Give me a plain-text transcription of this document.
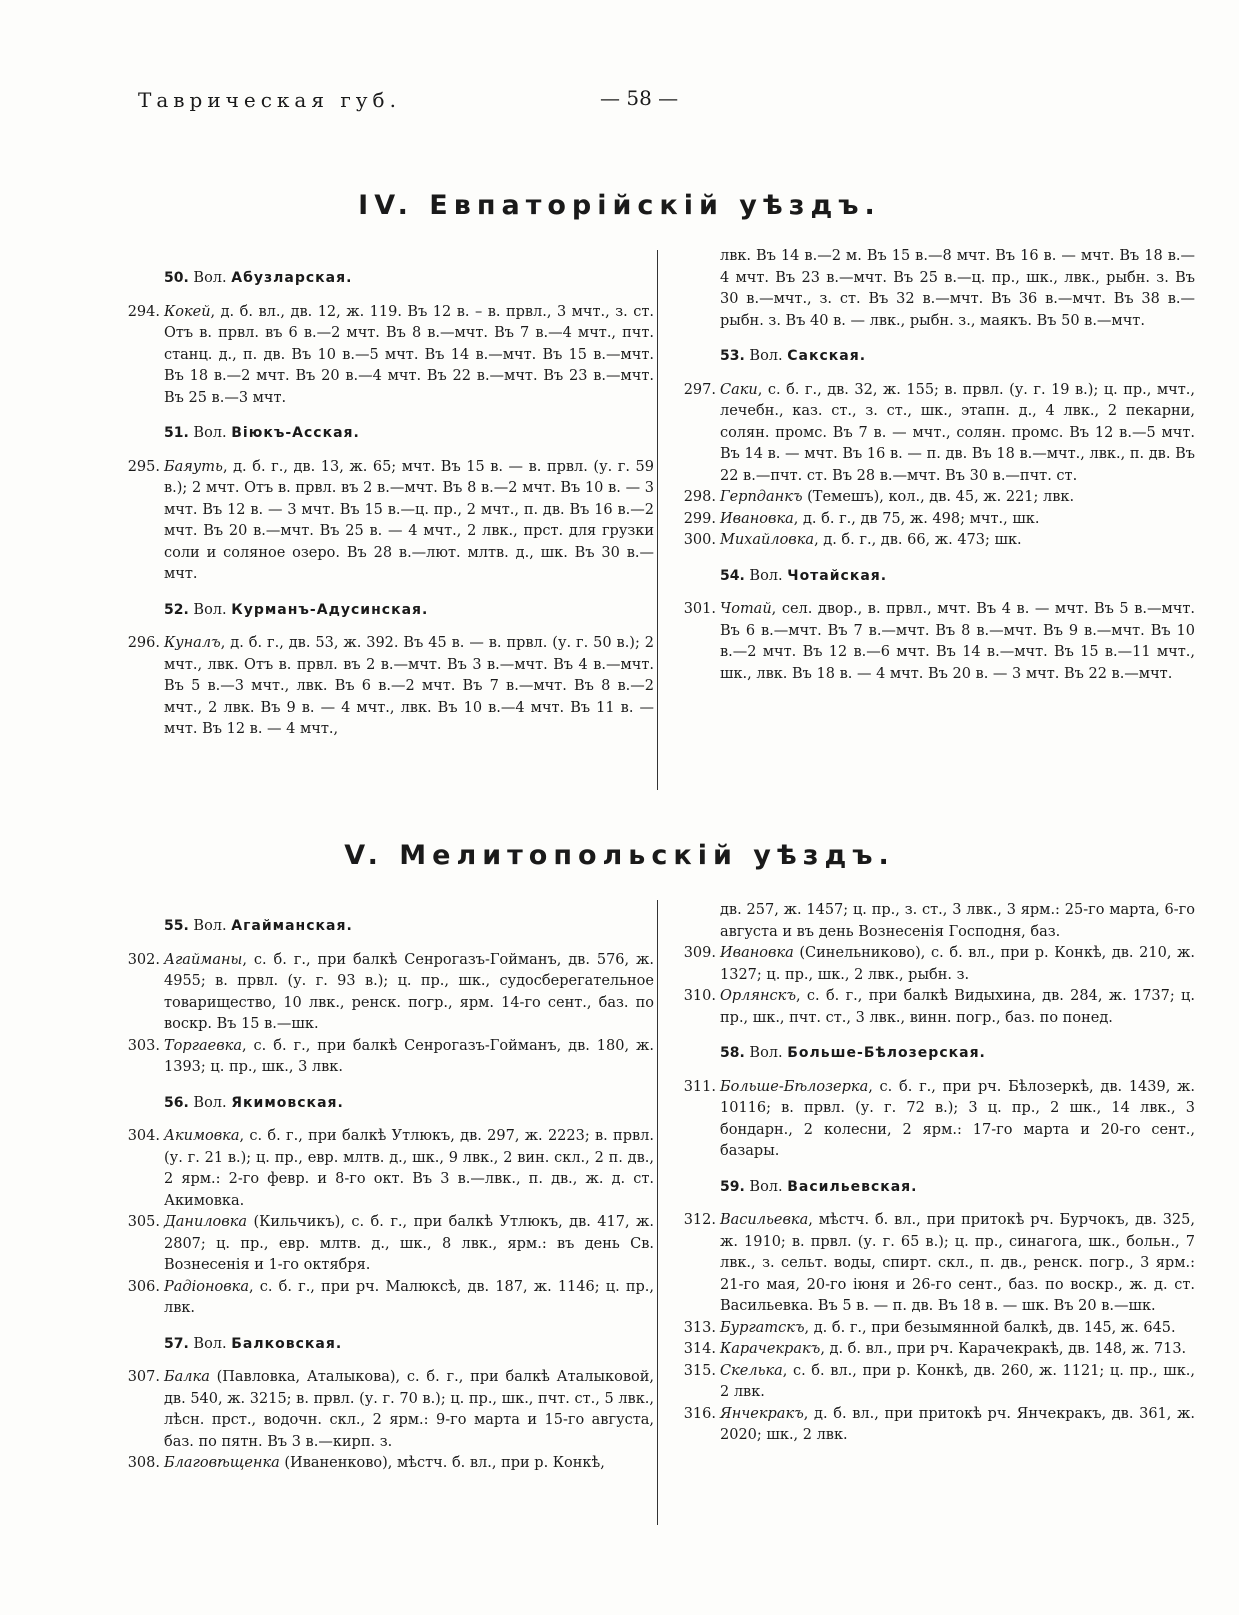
Таврическая губ.	— 58 —
IV. Евпаторійскій уѣздъ.
50. Вол. Абузларская.
294. Кокей, д. б. вл., дв. 12, ж. 119. Въ 12 в. – в. првл., 3 мчт., з. ст. Отъ в. првл. въ 6 в.—2 мчт. Въ 8 в.—мчт. Въ 7 в.—4 мчт., пчт. станц. д., п. дв. Въ 10 в.—5 мчт. Въ 14 в.—мчт. Въ 15 в.—мчт. Въ 18 в.—2 мчт. Въ 20 в.—4 мчт. Въ 22 в.—мчт. Въ 23 в.—мчт. Въ 25 в.—3 мчт.
51. Вол. Віюкъ-Асская.
295. Баяуть, д. б. г., дв. 13, ж. 65; мчт. Въ 15 в. — в. првл. (у. г. 59 в.); 2 мчт. Отъ в. првл. въ 2 в.—мчт. Въ 8 в.—2 мчт. Въ 10 в. — 3 мчт. Въ 12 в. — 3 мчт. Въ 15 в.—ц. пр., 2 мчт., п. дв. Въ 16 в.—2 мчт. Въ 20 в.—мчт. Въ 25 в. — 4 мчт., 2 лвк., прст. для грузки соли и соляное озеро. Въ 28 в.—лют. млтв. д., шк. Въ 30 в.—мчт.
52. Вол. Курманъ-Адусинская.
296. Куналъ, д. б. г., дв. 53, ж. 392. Въ 45 в. — в. првл. (у. г. 50 в.); 2 мчт., лвк. Отъ в. првл. въ 2 в.—мчт. Въ 3 в.—мчт. Въ 4 в.—мчт. Въ 5 в.—3 мчт., лвк. Въ 6 в.—2 мчт. Въ 7 в.—мчт. Въ 8 в.—2 мчт., 2 лвк. Въ 9 в. — 4 мчт., лвк. Въ 10 в.—4 мчт. Въ 11 в. — мчт. Въ 12 в. — 4 мчт.,
лвк. Въ 14 в.—2 м. Въ 15 в.—8 мчт. Въ 16 в. — мчт. Въ 18 в.—4 мчт. Въ 23 в.—мчт. Въ 25 в.—ц. пр., шк., лвк., рыбн. з. Въ 30 в.—мчт., з. ст. Въ 32 в.—мчт. Въ 36 в.—мчт. Въ 38 в.—рыбн. з. Въ 40 в. — лвк., рыбн. з., маякъ. Въ 50 в.—мчт.
53. Вол. Сакская.
297. Саки, с. б. г., дв. 32, ж. 155; в. првл. (у. г. 19 в.); ц. пр., мчт., лечебн., каз. ст., з. ст., шк., этапн. д., 4 лвк., 2 пекарни, солян. промс. Въ 7 в. — мчт., солян. промс. Въ 12 в.—5 мчт. Въ 14 в. — мчт. Въ 16 в. — п. дв. Въ 18 в.—мчт., лвк., п. дв. Въ 22 в.—пчт. ст. Въ 28 в.—мчт. Въ 30 в.—пчт. ст.
298. Герпданкъ (Темешъ), кол., дв. 45, ж. 221; лвк.
299. Ивановка, д. б. г., дв 75, ж. 498; мчт., шк.
300. Михайловка, д. б. г., дв. 66, ж. 473; шк.
54. Вол. Чотайская.
301. Чотай, сел. двор., в. првл., мчт. Въ 4 в. — мчт. Въ 5 в.—мчт. Въ 6 в.—мчт. Въ 7 в.—мчт. Въ 8 в.—мчт. Въ 9 в.—мчт. Въ 10 в.—2 мчт. Въ 12 в.—6 мчт. Въ 14 в.—мчт. Въ 15 в.—11 мчт., шк., лвк. Въ 18 в. — 4 мчт. Въ 20 в. — 3 мчт. Въ 22 в.—мчт.
V. Мелитопольскій уѣздъ.
55. Вол. Агайманская.
302. Агайманы, с. б. г., при балкѣ Сенрогазъ-Гойманъ, дв. 576, ж. 4955; в. првл. (у. г. 93 в.); ц. пр., шк., судосберегательное товарищество, 10 лвк., ренск. погр., ярм. 14-го сент., баз. по воскр. Въ 15 в.—шк.
303. Торгаевка, с. б. г., при балкѣ Сенрогазъ-Гойманъ, дв. 180, ж. 1393; ц. пр., шк., 3 лвк.
56. Вол. Якимовская.
304. Акимовка, с. б. г., при балкѣ Утлюкъ, дв. 297, ж. 2223; в. првл. (у. г. 21 в.); ц. пр., евр. млтв. д., шк., 9 лвк., 2 вин. скл., 2 п. дв., 2 ярм.: 2-го февр. и 8-го окт. Въ 3 в.—лвк., п. дв., ж. д. ст. Акимовка.
305. Даниловка (Кильчикъ), с. б. г., при балкѣ Утлюкъ, дв. 417, ж. 2807; ц. пр., евр. млтв. д., шк., 8 лвк., ярм.: въ день Св. Вознесенія и 1-го октября.
306. Радіоновка, с. б. г., при рч. Малюксѣ, дв. 187, ж. 1146; ц. пр., лвк.
57. Вол. Балковская.
307. Балка (Павловка, Аталыкова), с. б. г., при балкѣ Аталыковой, дв. 540, ж. 3215; в. првл. (у. г. 70 в.); ц. пр., шк., пчт. ст., 5 лвк., лѣсн. прст., водочн. скл., 2 ярм.: 9-го марта и 15-го августа, баз. по пятн. Въ 3 в.—кирп. з.
308. Благовѣщенка (Иваненково), мѣстч. б. вл., при р. Конкѣ,
дв. 257, ж. 1457; ц. пр., з. ст., 3 лвк., 3 ярм.: 25-го марта, 6-го августа и въ день Вознесенія Господня, баз.
309. Ивановка (Синельниково), с. б. вл., при р. Конкѣ, дв. 210, ж. 1327; ц. пр., шк., 2 лвк., рыбн. з.
310. Орлянскъ, с. б. г., при балкѣ Видыхина, дв. 284, ж. 1737; ц. пр., шк., пчт. ст., 3 лвк., винн. погр., баз. по понед.
58. Вол. Больше-Бѣлозерская.
311. Больше-Бѣлозерка, с. б. г., при рч. Бѣлозеркѣ, дв. 1439, ж. 10116; в. првл. (у. г. 72 в.); 3 ц. пр., 2 шк., 14 лвк., 3 бондарн., 2 колесни, 2 ярм.: 17-го марта и 20-го сент., базары.
59. Вол. Васильевская.
312. Васильевка, мѣстч. б. вл., при притокѣ рч. Бурчокъ, дв. 325, ж. 1910; в. првл. (у. г. 65 в.); ц. пр., синагога, шк., больн., 7 лвк., з. сельт. воды, спирт. скл., п. дв., ренск. погр., 3 ярм.: 21-го мая, 20-го іюня и 26-го сент., баз. по воскр., ж. д. ст. Васильевка. Въ 5 в. — п. дв. Въ 18 в. — шк. Въ 20 в.—шк.
313. Бургатскъ, д. б. г., при безымянной балкѣ, дв. 145, ж. 645.
314. Карачекракъ, д. б. вл., при рч. Карачекракѣ, дв. 148, ж. 713.
315. Скелька, с. б. вл., при р. Конкѣ, дв. 260, ж. 1121; ц. пр., шк., 2 лвк.
316. Янчекракъ, д. б. вл., при притокѣ рч. Янчекракъ, дв. 361, ж. 2020; шк., 2 лвк.
